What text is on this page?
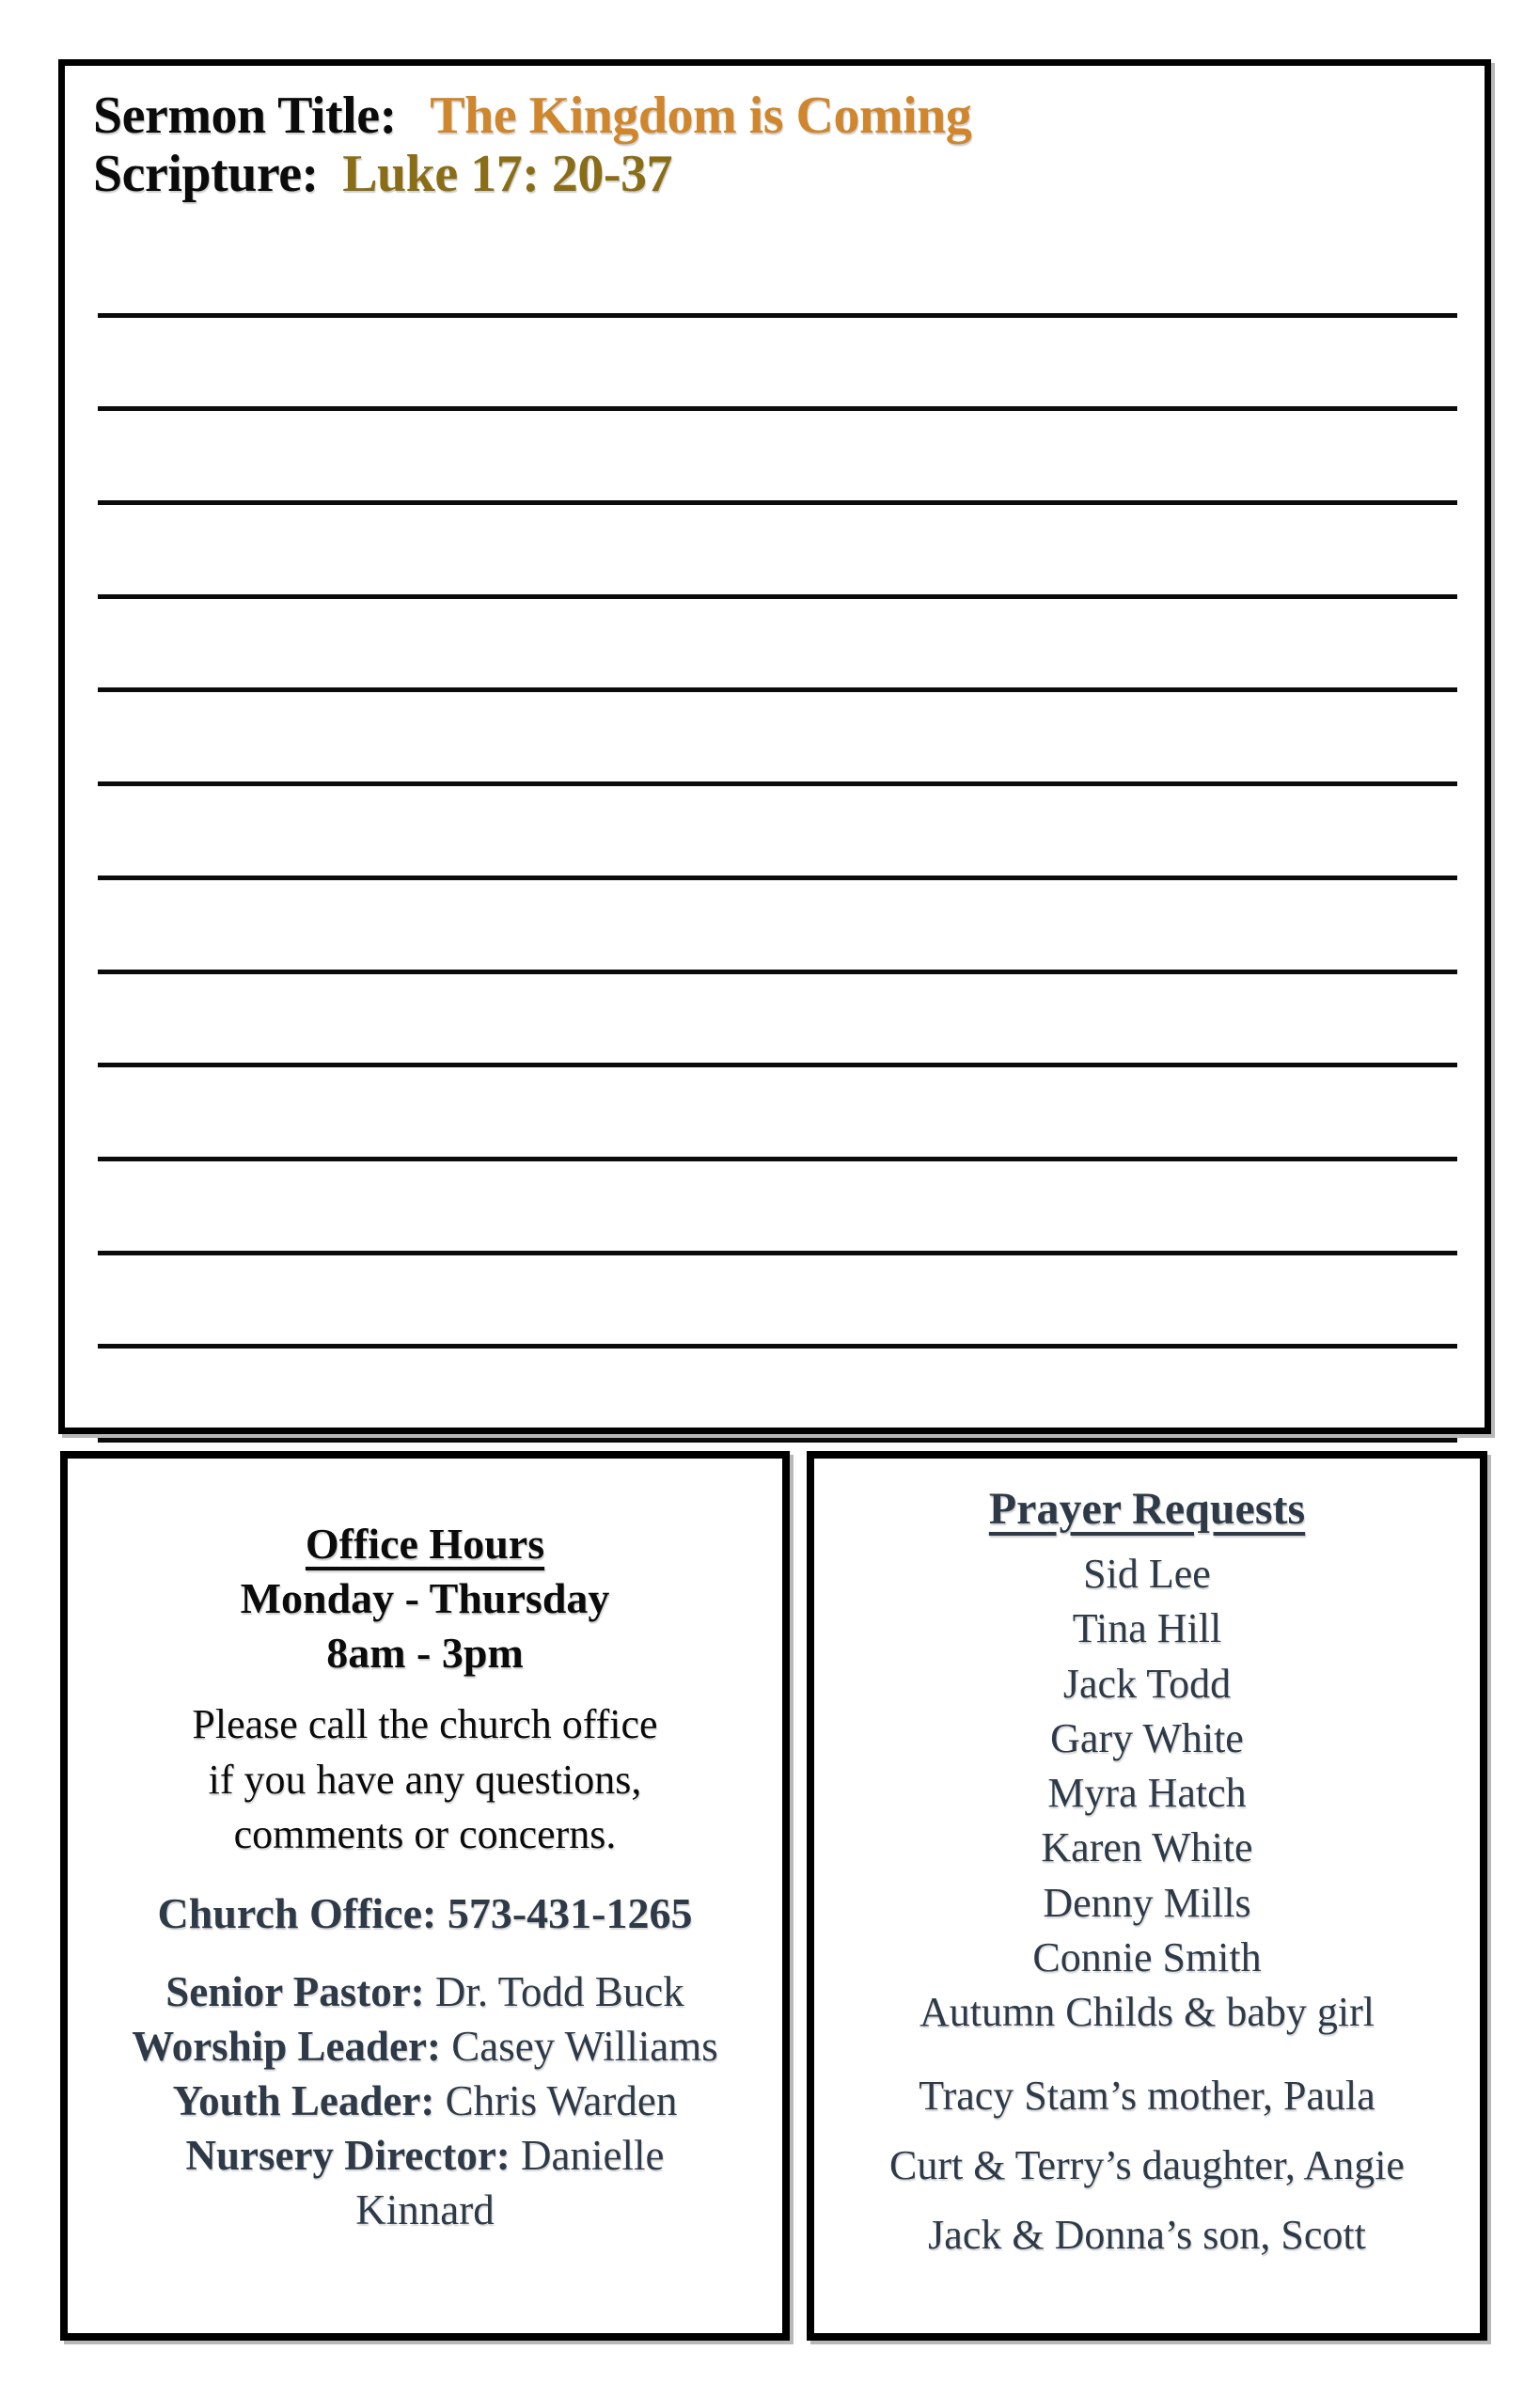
Sermon Title: The Kingdom is Coming
Scripture: Luke 17: 20-37
Office Hours
Monday - Thursday
8am - 3pm
Please call the church office
if you have any questions,
comments or concerns.
Church Office: 573-431-1265
Senior Pastor: Dr. Todd Buck
Worship Leader: Casey Williams
Youth Leader: Chris Warden
Nursery Director: Danielle Kinnard
Prayer Requests
Sid Lee
Tina Hill
Jack Todd
Gary White
Myra Hatch
Karen White
Denny Mills
Connie Smith
Autumn Childs & baby girl
Tracy Stam’s mother, Paula
Curt & Terry’s daughter, Angie
Jack & Donna’s son, Scott
